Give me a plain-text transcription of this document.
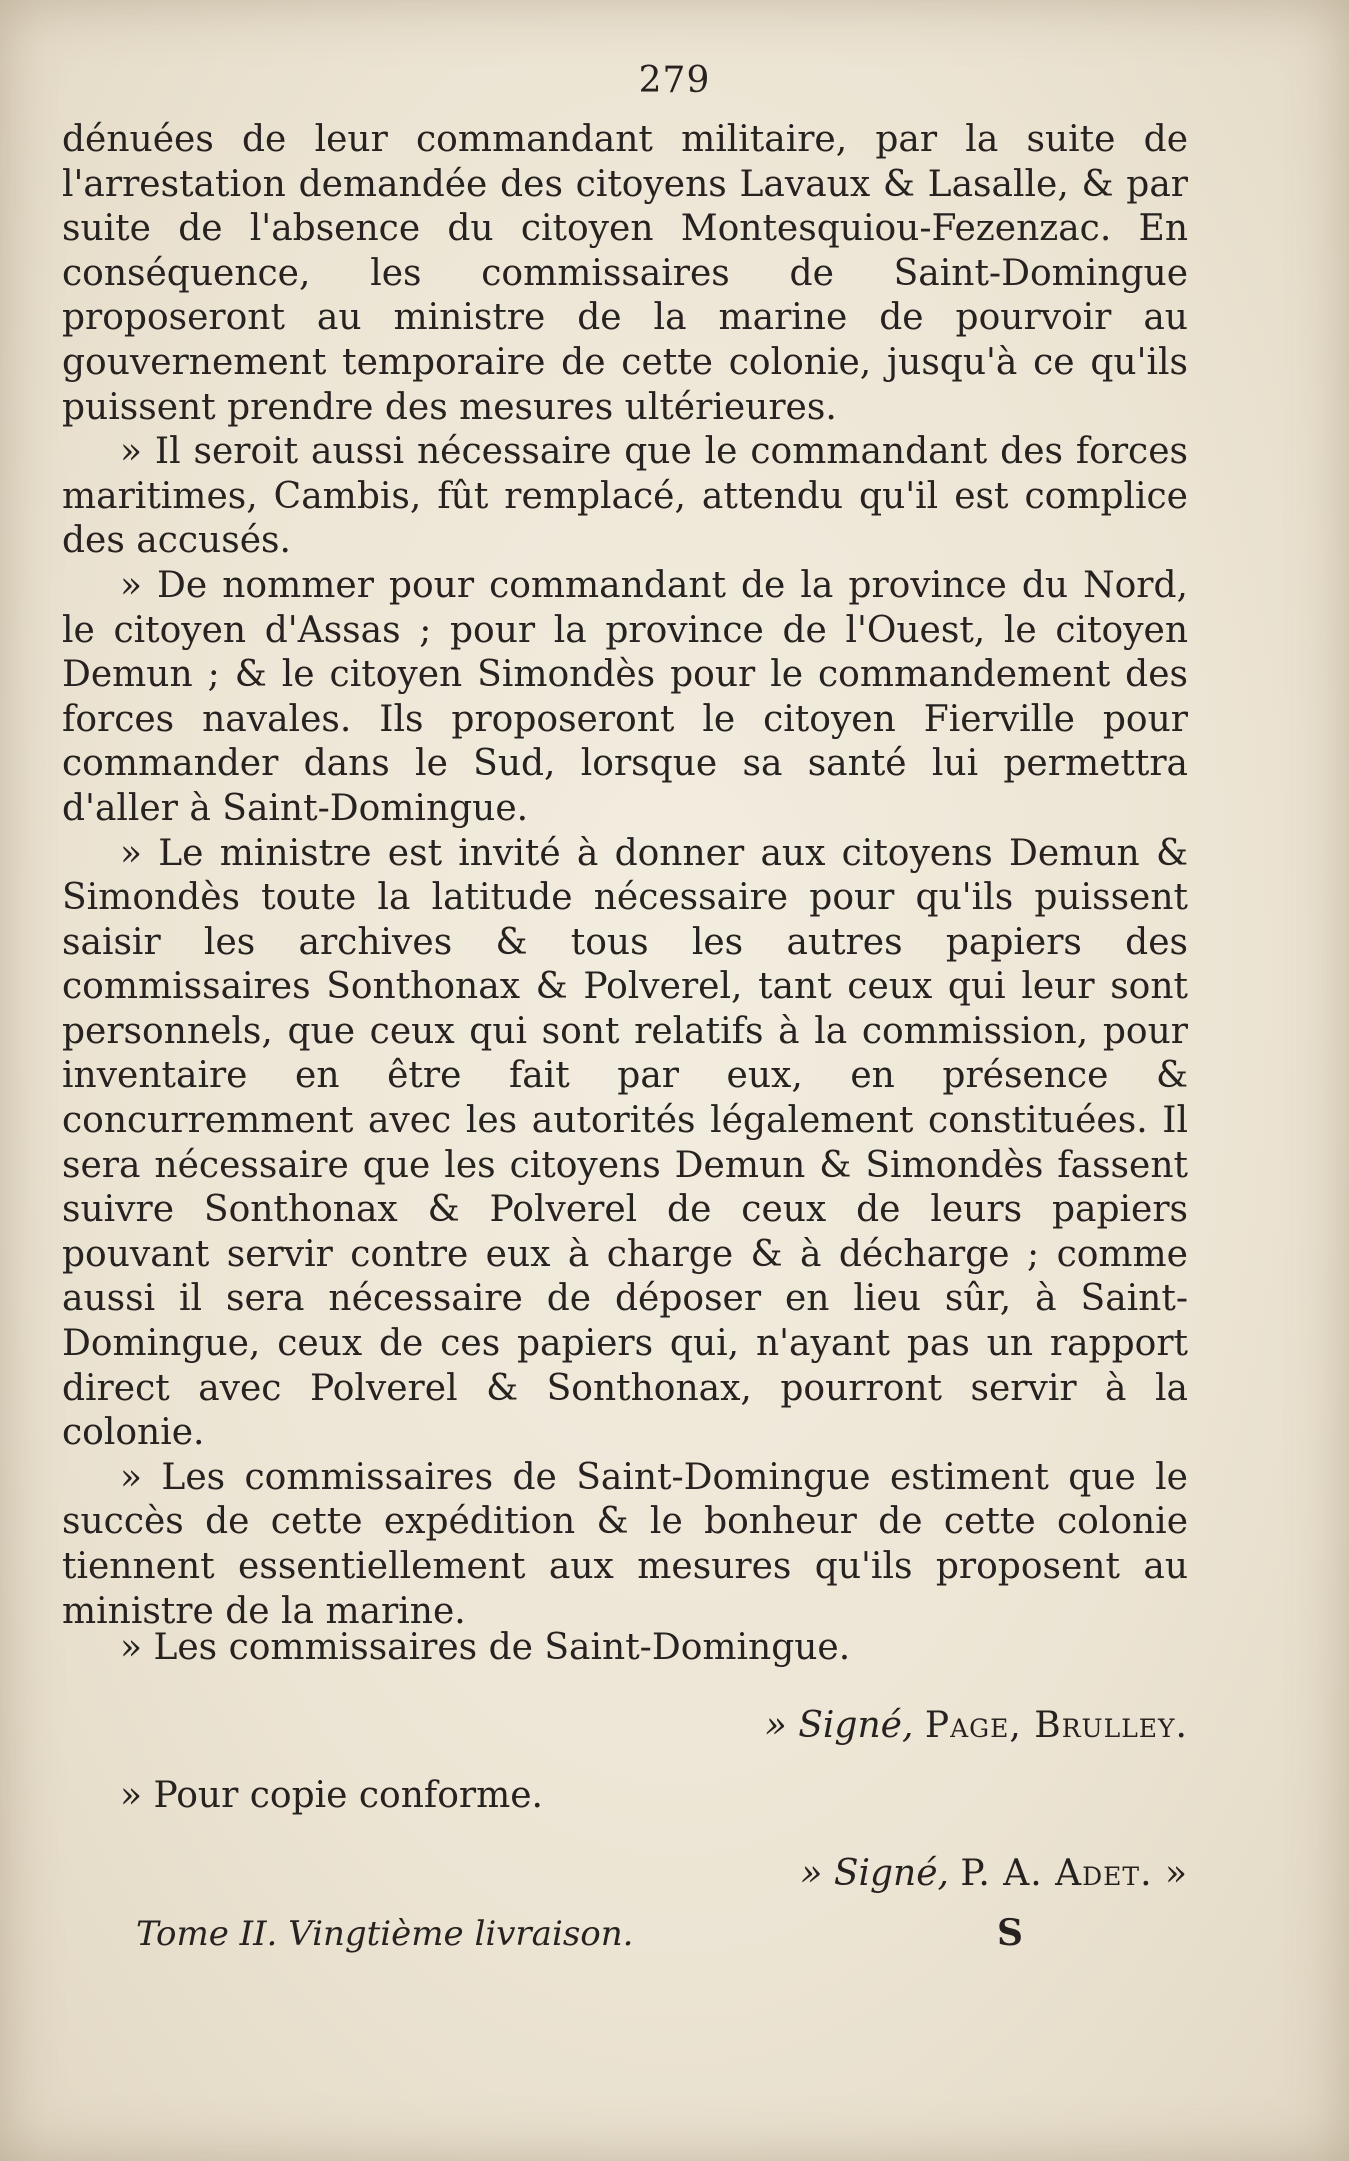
279

dénuées de leur commandant militaire, par la suite de l'arrestation demandée des citoyens Lavaux & Lasalle, & par suite de l'absence du citoyen Montesquiou-Fezenzac. En conséquence, les commissaires de Saint-Domingue proposeront au ministre de la marine de pourvoir au gouvernement temporaire de cette colonie, jusqu'à ce qu'ils puissent prendre des mesures ultérieures.

» Il seroit aussi nécessaire que le commandant des forces maritimes, Cambis, fût remplacé, attendu qu'il est complice des accusés.

» De nommer pour commandant de la province du Nord, le citoyen d'Assas ; pour la province de l'Ouest, le citoyen Demun ; & le citoyen Simondès pour le commandement des forces navales. Ils proposeront le citoyen Fierville pour commander dans le Sud, lorsque sa santé lui permettra d'aller à Saint-Domingue.

» Le ministre est invité à donner aux citoyens Demun & Simondès toute la latitude nécessaire pour qu'ils puissent saisir les archives & tous les autres papiers des commissaires Sonthonax & Polverel, tant ceux qui leur sont personnels, que ceux qui sont relatifs à la commission, pour inventaire en être fait par eux, en présence & concurremment avec les autorités légalement constituées. Il sera nécessaire que les citoyens Demun & Simondès fassent suivre Sonthonax & Polverel de ceux de leurs papiers pouvant servir contre eux à charge & à décharge ; comme aussi il sera nécessaire de déposer en lieu sûr, à Saint-Domingue, ceux de ces papiers qui, n'ayant pas un rapport direct avec Polverel & Sonthonax, pourront servir à la colonie.

» Les commissaires de Saint-Domingue estiment que le succès de cette expédition & le bonheur de cette colonie tiennent essentiellement aux mesures qu'ils proposent au ministre de la marine.

» Les commissaires de Saint-Domingue.
» Signé, Page, Brulley.
» Pour copie conforme.
» Signé, P. A. Adet. »
Tome II. Vingtième livraison.	S
